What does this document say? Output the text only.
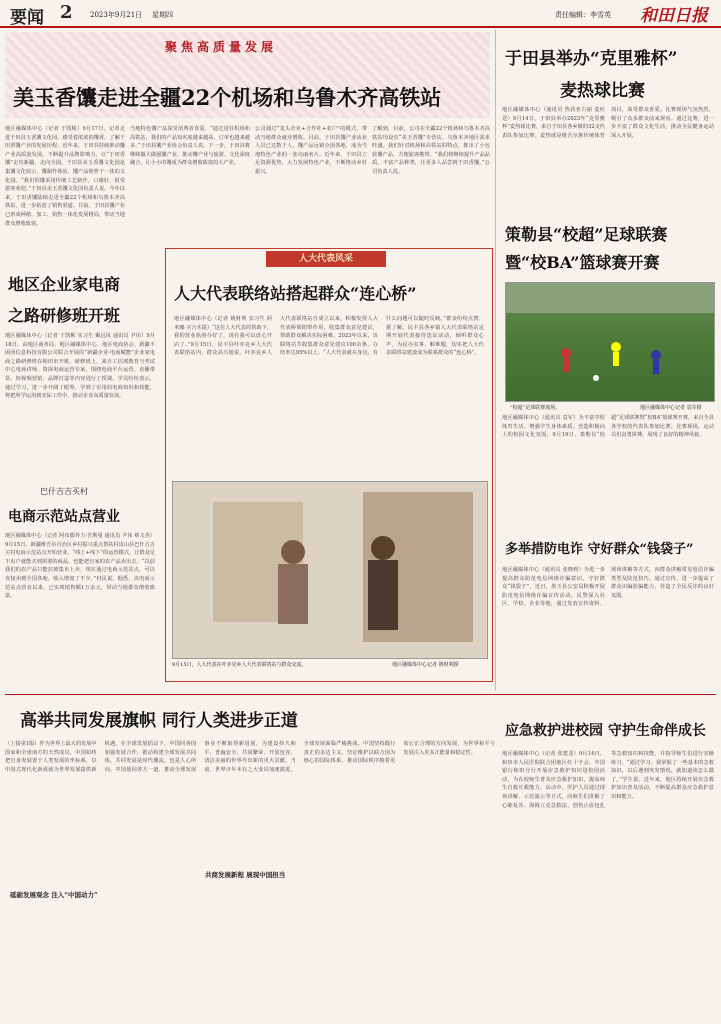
要闻 2 2023年9月21日 星期四	责任编辑：李雪英 和田日报
聚焦高质量发展
美玉香馕走进全疆22个机场和乌鲁木齐高铁站
地区融媒体中心（记者 于凯彬）9月17日，记者走进于田县玉香馕文化园，感受着浓浓的馕香，了解于田香馕产业的发展历程。近年来，于田县持续推动馕产业高质量发展，不断提升品牌影响力，让“于田香馕”走出新疆、走向全国。于田县美玉香馕文化园是集馕文化展示、馕制作体验、馕产品销售于一体的文化园。“我们的馕采用传统工艺制作，口感好，很受游客欢迎。”于田县美玉香馕文化园负责人说。今年以来，于田香馕陆续走进全疆22个机场和乌鲁木齐高铁站，进一步拓宽了销售渠道。目前，于田县馕产业已形成种植、加工、销售一体化发展格局，带动当地群众增收致富。
当地特色馕产品深受消费者喜爱。“通过进驻机场和高铁站，我们的产品知名度越来越高，订单也越来越多。”于田县馕产业协会负责人说。下一步，于田县将继续做大做强馕产业，推动馕产业与旅游、文化深度融合，让小小的馕成为群众增收致富的大产业。
公司通过“龙头企业+合作社+农户”的模式，带动当地群众就业增收。目前，于田县馕产业从业人员已达数千人，馕产品远销全国各地，成为当地特色产业的一张亮丽名片。近年来，于田县立足资源优势，大力发展特色产业，不断推动乡村振兴。
了解到，目前，公司在全疆22个机场和乌鲁木齐高铁站均设有“美玉香馕”专营店，乌鲁木齐地区需求旺盛。我们针对机场和高铁站的特点，推出了小包装馕产品，方便旅客携带。“我们将继续提升产品品质，丰富产品种类，让更多人品尝到于田香馕。”公司负责人说。
于田县举办“克里雅杯”
麦热球比赛
地区融媒体中心（通讯员 热孜亚古丽 麦吐送）9月14日，于田县举办2023年“克里雅杯”麦热球比赛，来自于田县各乡镇的32支代表队参加比赛。麦热球是维吾尔族传统体育项目，深受群众喜爱。比赛现场气氛热烈，吸引了众多群众前来观看。通过比赛，进一步丰富了群众文化生活，推动全民健身运动深入开展。
策勒县“校超”足球联赛
暨“校BA”篮球赛开赛
“校超”足球联赛现场。	地区融媒体中心记者 袁军摄
地区融媒体中心（通讯员 袁军）为丰富学校体育生活，增强学生身体素质，营造积极向上的校园文化氛围，9月19日，策勒县“校超”足球联赛暨“校BA”篮球赛开赛。来自全县各学校的代表队参加比赛。比赛现场，运动员们奋勇拼搏，展现了良好的精神风貌。
多举措防电诈 守好群众“钱袋子”
地区融媒体中心（通讯员 张晓莉）为进一步提高群众防范电信网络诈骗意识，守好群众“钱袋子”，近日，墨玉县公安局积极开展防范电信网络诈骗宣传活动。民警深入社区、学校、企业等地，通过发放宣传资料、现场讲解等方式，向群众讲解常见电信诈骗类型及防范技巧。通过宣传，进一步提高了群众识骗防骗能力，营造了全民反诈的良好氛围。
地区企业家电商
之路研修班开班
地区融媒体中心（记者 于凯彬 实习生 戴远凤 通讯员 尹伟）9月18日，由地区商务局、地区融媒体中心、地区电商协会、新疆不困团信息科技有限公司联合开展的“新疆企业·电商赋能”企业家电商之路研修班在和田市开班。研修班上，来自工信部教育与考试中心电商讲师、资深电商运营专家，围绕电商平台运营、直播带货、短视频营销、品牌打造等内容进行了授课。学员纷纷表示，通过学习，进一步开阔了眼界，学到了实用的电商知识和技能，将把所学运用到实际工作中，推动企业高质量发展。
巴什吉吉买村
电商示范站点营业
地区融媒体中心（记者 阿布都外力·吾斯曼 通讯员 尹伟 蔡文杰）9月15日，新疆维吾尔自治区乡村振兴重点帮扶村皮山县巴什吉吉买村电商示范站点开始营业。“线上+线下”的运营模式，让群众足不出户就能买到需要的商品，也能把自家的农产品卖出去。“以前我们的农产品只能拉到集市上卖，现在通过电商示范站点，可以直接卖到全国各地，收入增加了不少。”村民说。据悉，该电商示范站点营业以来，已实现销售额1万余元，带动当地群众增收致富。
人大代表风采
人大代表联络站搭起群众“连心桥”
地区融媒体中心（记者 姚财利 实习生 阿米娜·买合木提）“这位人大代表的帮助下，我的营业执照办好了，现在我可以放心开店了。”9月15日，民丰县叶亦克乡人大代表联络站内，群众高兴地说。叶亦克乡人大代表联络站自成立以来，积极发挥人大代表桥梁纽带作用，收集群众意见建议，帮助群众解决实际困难。2023年以来，该联络站共收集群众意见建议100余条，办结率达95%以上。“人大代表就在身边，有什么问题可以随时反映。”群众纷纷点赞。据了解，民丰县各乡镇人大代表联络站定期开展代表接待选民活动，倾听群众心声，为民办实事、解难题，切实把人大代表联络站建设成为联系群众的“连心桥”。
9月15日，人大代表在叶亦克乡人大代表联络站与群众交流。	地区融媒体中心记者 姚财利摄
高举共同发展旗帜 同行人类进步正道
（上接第1版）作为世界上最大的发展中国家和全球南方的天然成员，中国始终把自身发展置于人类发展的坐标系，以中国式现代化新成就为世界发展提供新机遇。在全球发展倡议下，中国同各国加强发展合作，推动构建全球发展共同体。共同发展是时代潮流，也是人心所向。中国愿同各方一道，推动全球发展事业不断取得新进展，为建设持久和平、普遍安全、共同繁荣、开放包容、清洁美丽的世界作出新的更大贡献。当前，世界百年未有之大变局加速演进，全球发展面临严峻挑战。中国坚持践行真正的多边主义，坚定维护以联合国为核心的国际体系，推动国际秩序朝着更加公正合理的方向发展，为世界和平与发展注入更多正能量和稳定性。
砥砺发展观念 注入“中国动力”
共商发展新程 展现中国担当
应急救护进校园 守护生命伴成长
地区融媒体中心（记者 张建龙）9月14日，和田市人民医院联合团地区红十字会、中国银行和田分行开展应急救护知识进校园活动，为在校师生普及应急救护知识，提高师生自救互救能力。活动中，医护人员通过现场讲解、示范演示等方式，向师生们讲解了心肺复苏、海姆立克急救法、创伤止血包扎等急救知识和技能，并指导师生们进行实操练习。“通过学习，我掌握了一些基本的急救知识，以后遇到突发情况，就知道该怎么做了。”学生说。近年来，地区持续开展应急救护知识普及活动，不断提高群众应急救护意识和能力。
